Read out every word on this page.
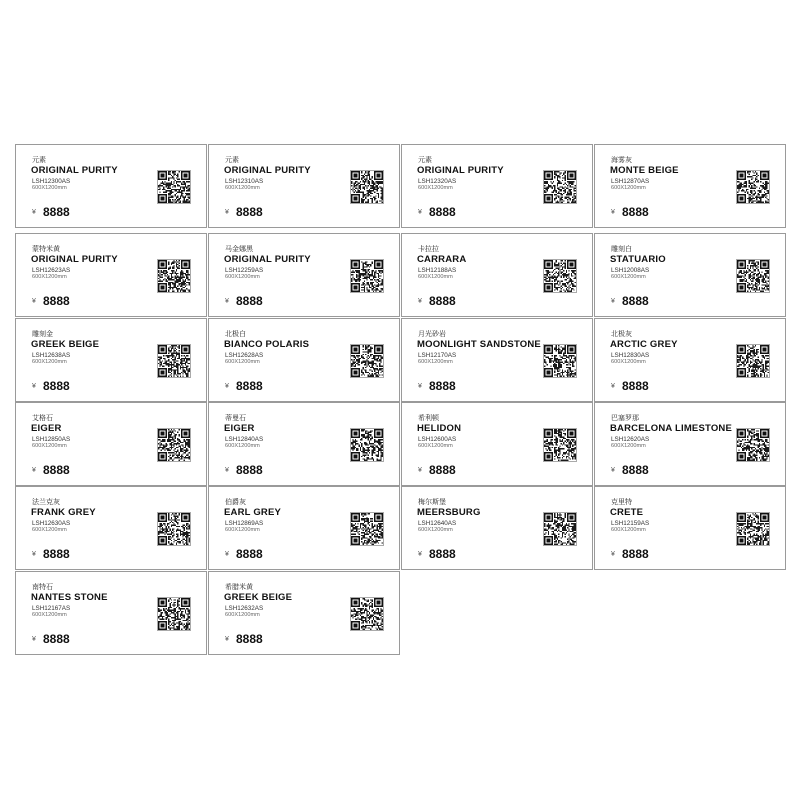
元素
ORIGINAL PURITY
LSH12300AS
600X1200mm
¥ 8888
元素
ORIGINAL PURITY
LSH12310AS
600X1200mm
¥ 8888
元素
ORIGINAL PURITY
LSH12320AS
600X1200mm
¥ 8888
海雾灰
MONTE BEIGE
LSH12870AS
600X1200mm
¥ 8888
蒙特米黄
ORIGINAL PURITY
LSH12623AS
600X1200mm
¥ 8888
马金娜黑
ORIGINAL PURITY
LSH12259AS
600X1200mm
¥ 8888
卡拉拉
CARRARA
LSH12188AS
600X1200mm
¥ 8888
雕刻白
STATUARIO
LSH12008AS
600X1200mm
¥ 8888
雕刻金
GREEK BEIGE
LSH12638AS
600X1200mm
¥ 8888
北极白
BIANCO POLARIS
LSH12628AS
600X1200mm
¥ 8888
月光砂岩
MOONLIGHT SANDSTONE
LSH12170AS
600X1200mm
¥ 8888
北极灰
ARCTIC GREY
LSH12830AS
600X1200mm
¥ 8888
艾格石
EIGER
LSH12850AS
600X1200mm
¥ 8888
蒂曼石
EIGER
LSH12840AS
600X1200mm
¥ 8888
希利顿
HELIDON
LSH12600AS
600X1200mm
¥ 8888
巴塞罗那
BARCELONA LIMESTONE
LSH12620AS
600X1200mm
¥ 8888
法兰克灰
FRANK GREY
LSH12630AS
600X1200mm
¥ 8888
伯爵灰
EARL GREY
LSH12869AS
600X1200mm
¥ 8888
梅尔斯堡
MEERSBURG
LSH12640AS
600X1200mm
¥ 8888
克里特
CRETE
LSH12159AS
600X1200mm
¥ 8888
南特石
NANTES STONE
LSH12167AS
600X1200mm
¥ 8888
希腊米黄
GREEK BEIGE
LSH12632AS
600X1200mm
¥ 8888
